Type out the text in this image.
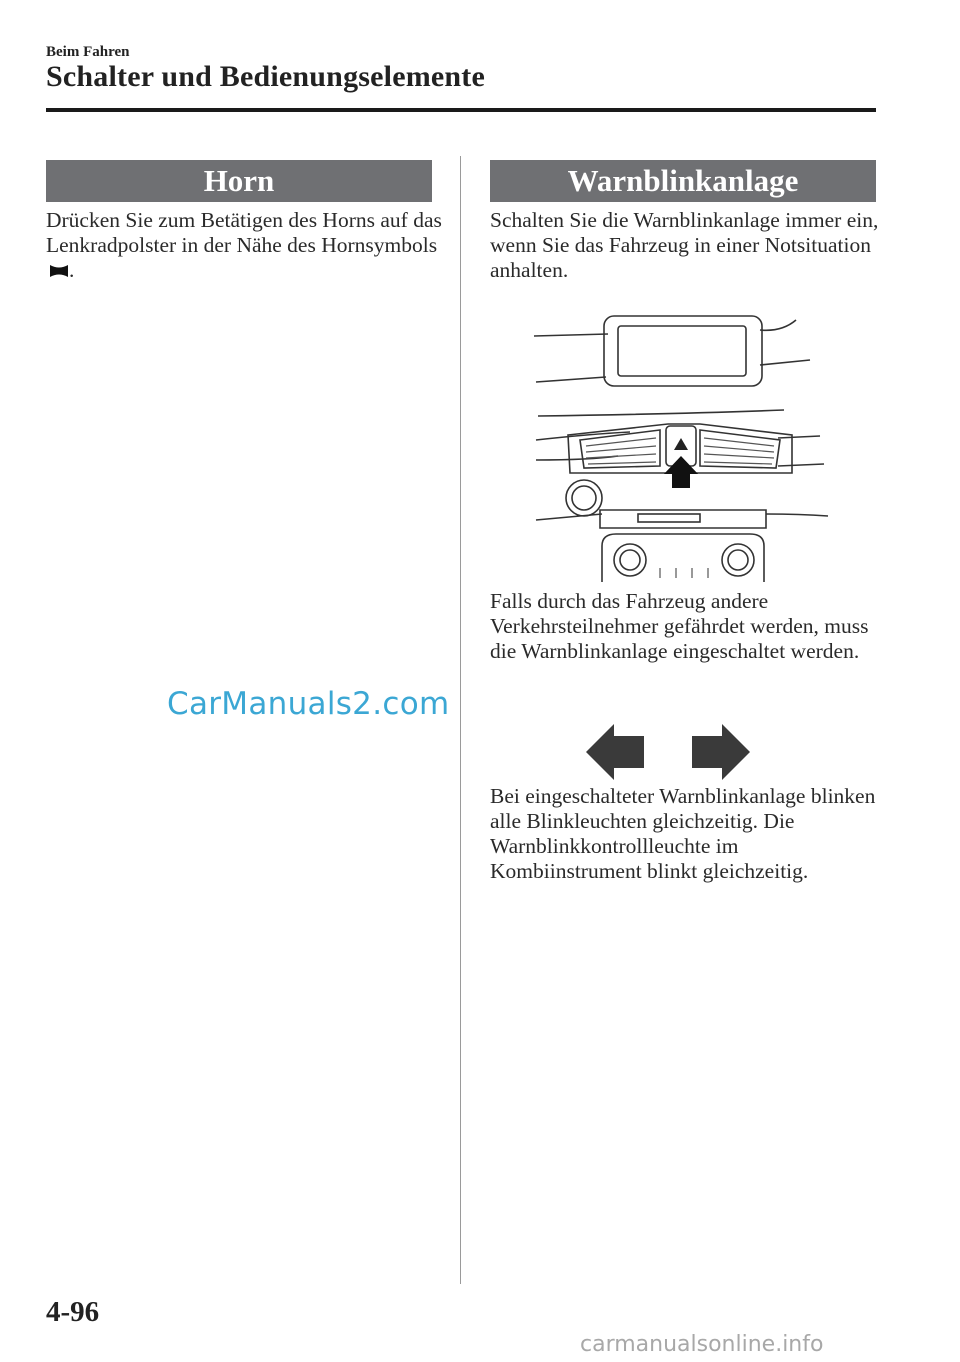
Beim Fahren
Schalter und Bedienungselemente
Horn
Drücken Sie zum Betätigen des Horns auf das Lenkradpolster in der Nähe des Hornsymbols.
CarManuals2.com
Warnblinkanlage
Schalten Sie die Warnblinkanlage immer ein, wenn Sie das Fahrzeug in einer Notsituation anhalten.
Falls durch das Fahrzeug andere Verkehrsteilnehmer gefährdet werden, muss die Warnblinkanlage eingeschaltet werden.
Bei eingeschalteter Warnblinkanlage blinken alle Blinkleuchten gleichzeitig. Die Warnblinkkontrollleuchte im Kombiinstrument blinkt gleichzeitig.
4-96
carmanualsonline.info
